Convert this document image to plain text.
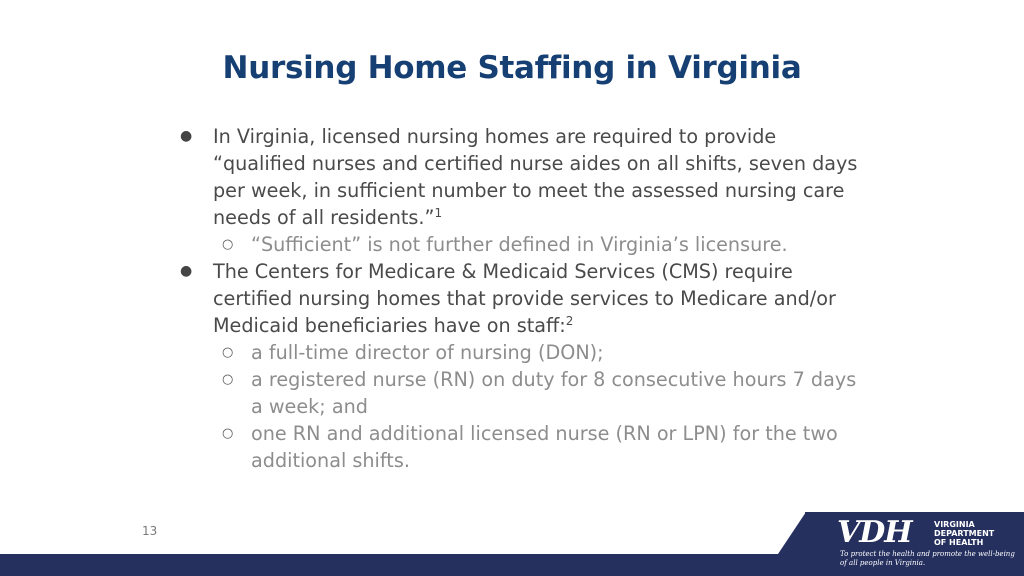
Nursing Home Staffing in Virginia
●	In Virginia, licensed nursing homes are required to provide “qualified nurses and certified nurse aides on all shifts, seven days per week, in sufficient number to meet the assessed nursing care needs of all residents.”$^1$
○ “Sufficient” is not further defined in Virginia’s licensure.
●	The Centers for Medicare & Medicaid Services (CMS) require certified nursing homes that provide services to Medicare and/or Medicaid beneficiaries have on staff:$^2$
○ a full-time director of nursing (DON);
○ a registered nurse (RN) on duty for 8 consecutive hours 7 days a week; and
○ one RN and additional licensed nurse (RN or LPN) for the two additional shifts.
13	VDH	VIRGINIA
DEPARTMENT
OF HEALTH
To protect the health and promote the well-being of all people in Virginia.
